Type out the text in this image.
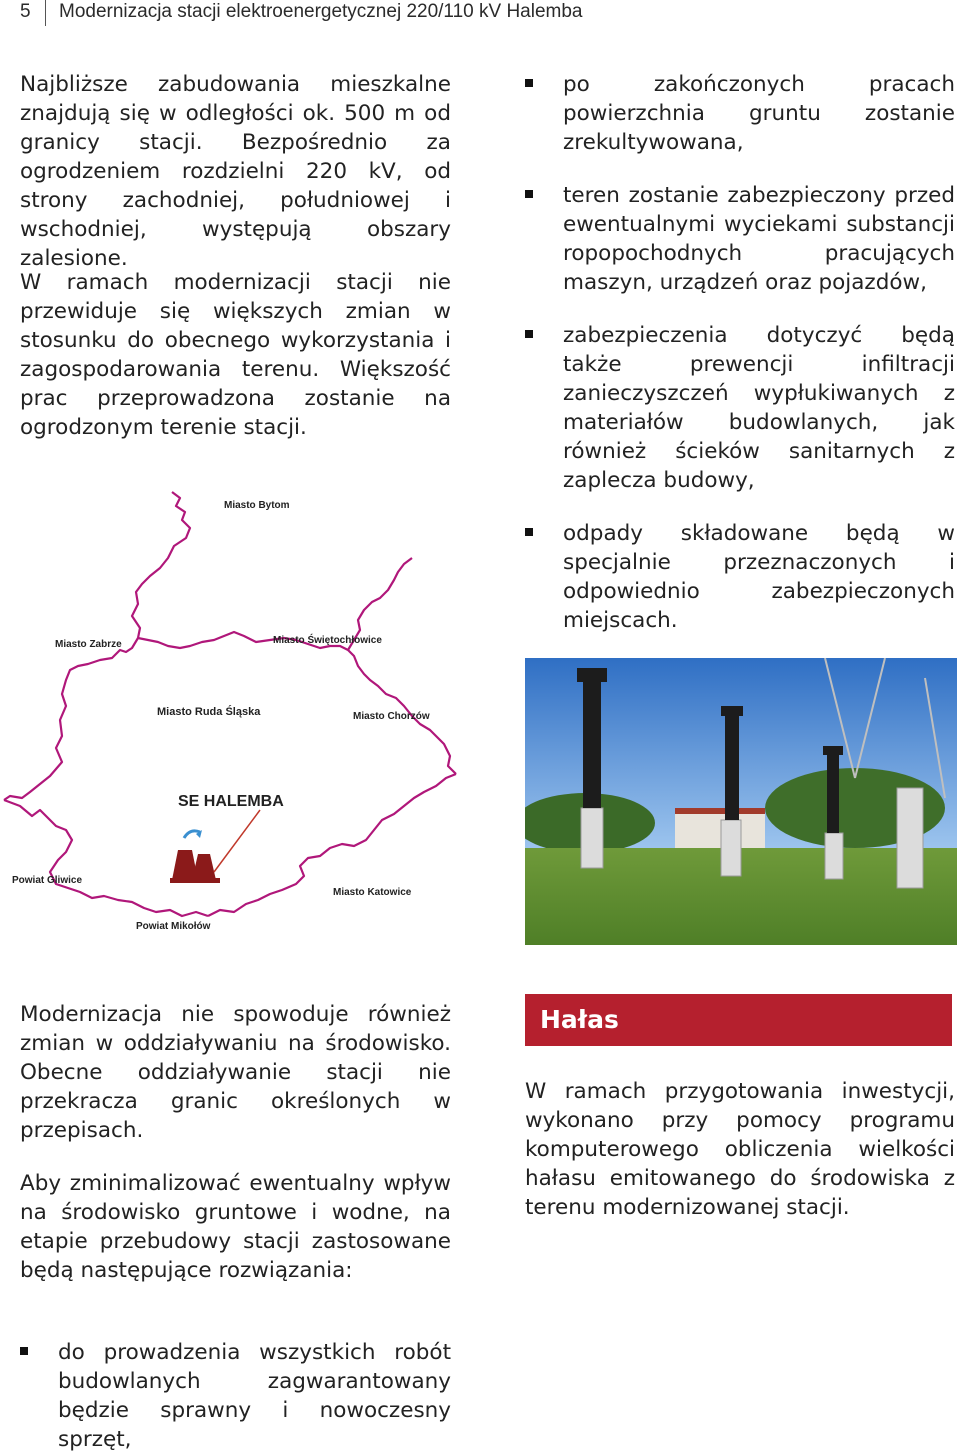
5 Modernizacja stacji elektroenergetycznej 220/110 kV Halemba

Najbliższe zabudowania mieszkalne znajdują się w odległości ok. 500 m od granicy stacji. Bezpośrednio za ogrodzeniem rozdzielni 220 kV, od strony zachodniej, południowej i wschodniej, występują obszary zalesione.

W ramach modernizacji stacji nie przewiduje się większych zmian w stosunku do obecnego wykorzystania i zagospodarowania terenu. Większość prac przeprowadzona zostanie na ogrodzonym terenie stacji.

Miasto Bytom
Miasto Zabrze	Miasto Świętochłowice
Miasto Ruda Śląska	Miasto Chorzów
SE HALEMBA
Powiat Gliwice
Miasto Katowice
Powiat Mikołów

Modernizacja nie spowoduje również zmian w oddziaływaniu na środowisko. Obecne oddziaływanie stacji nie przekracza granic określonych w przepisach.

Aby zminimalizować ewentualny wpływ na środowisko gruntowe i wodne, na etapie przebudowy stacji zastosowane będą następujące rozwiązania:

do prowadzenia wszystkich robót budowlanych zagwarantowany będzie sprawny i nowoczesny sprzęt,
po zakończonych pracach powierzchnia gruntu zostanie zrekultywowana,
teren zostanie zabezpieczony przed ewentualnymi wyciekami substancji ropopochodnych pracujących maszyn, urządzeń oraz pojazdów,
zabezpieczenia dotyczyć będą także prewencji infiltracji zanieczyszczeń wypłukiwanych z materiałów budowlanych, jak również ścieków sanitarnych z zaplecza budowy,
odpady składowane będą w specjalnie przeznaczonych i odpowiednio zabezpieczonych miejscach.
Hałas

W ramach przygotowania inwestycji, wykonano przy pomocy programu komputerowego obliczenia wielkości hałasu emitowanego do środowiska z terenu modernizowanej stacji.
